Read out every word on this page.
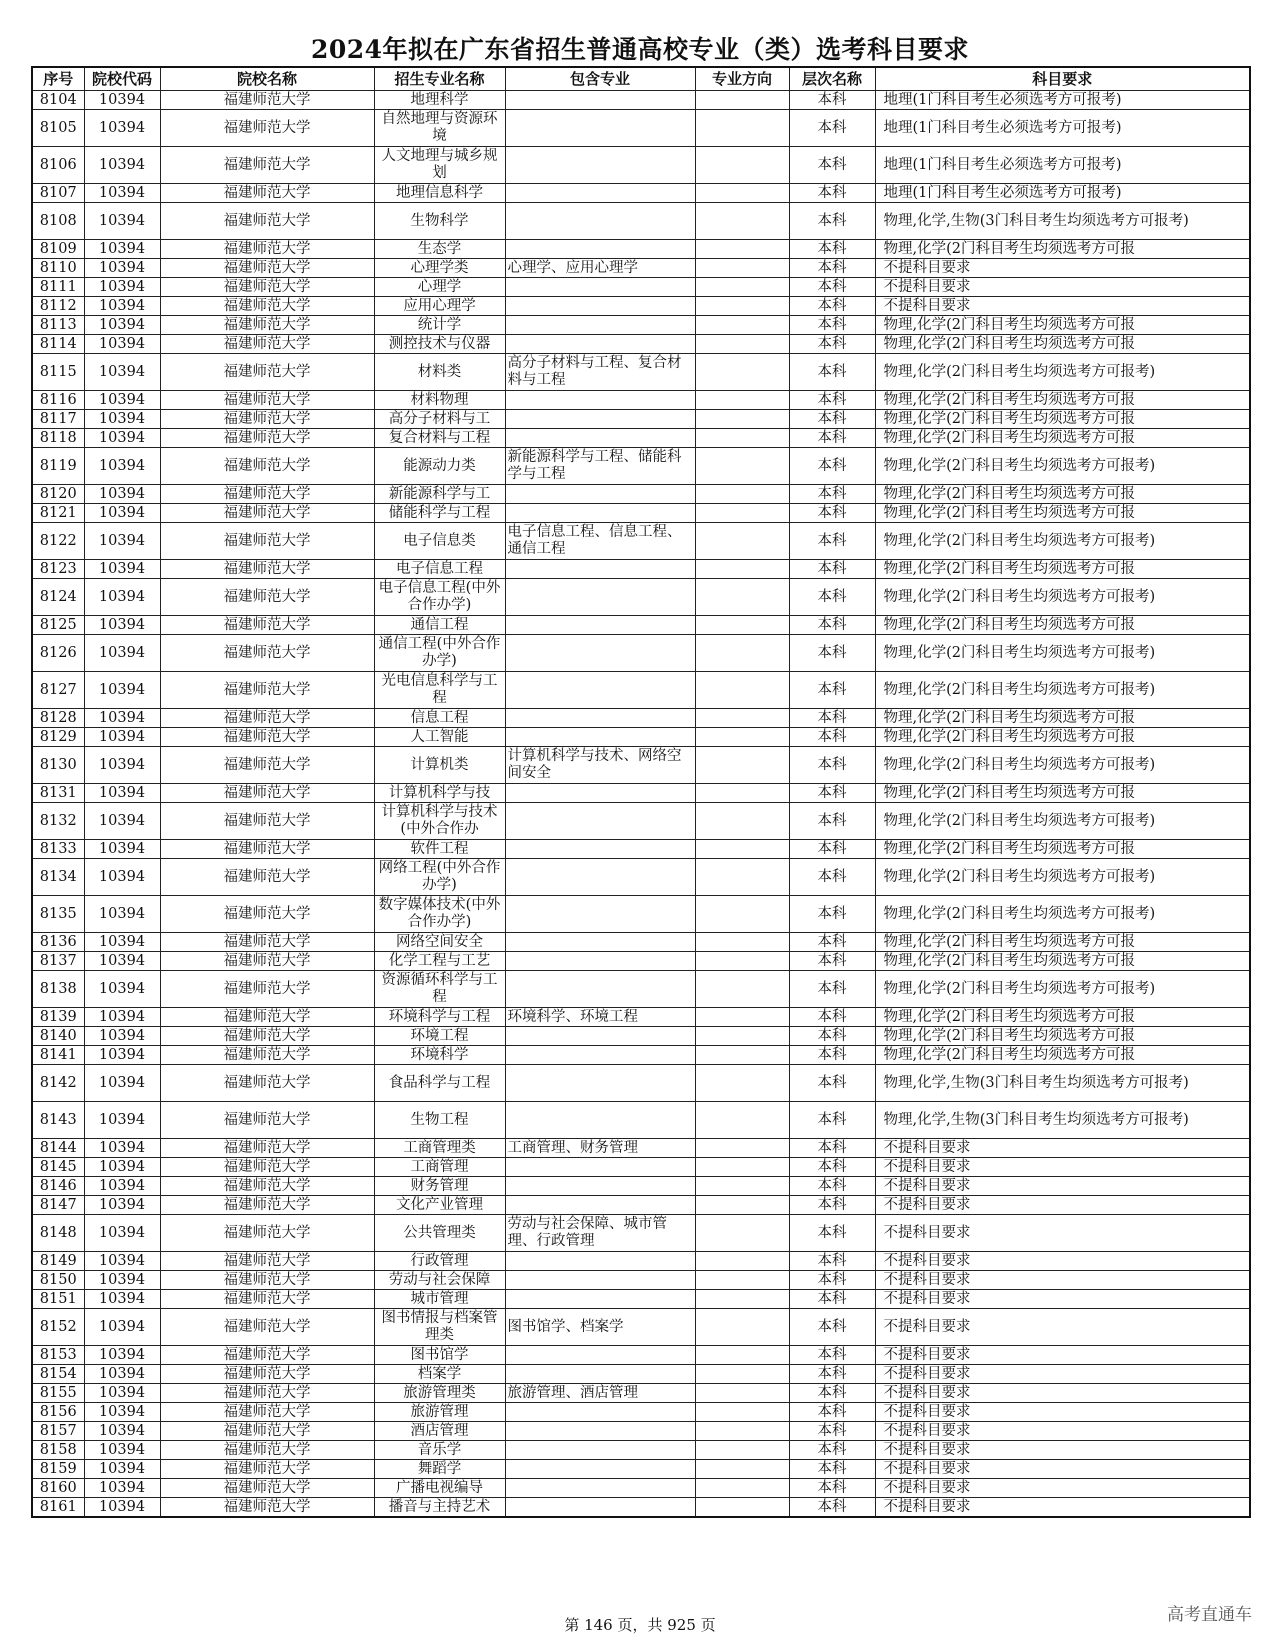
2024年拟在广东省招生普通高校专业（类）选考科目要求
序号	院校代码	院校名称	招生专业名称	包含专业	专业方向	层次名称	科目要求
8104	10394	福建师范大学	地理科学			本科	地理(1门科目考生必须选考方可报考)
8105	10394	福建师范大学	自然地理与资源环境			本科	地理(1门科目考生必须选考方可报考)
8106	10394	福建师范大学	人文地理与城乡规划			本科	地理(1门科目考生必须选考方可报考)
8107	10394	福建师范大学	地理信息科学			本科	地理(1门科目考生必须选考方可报考)
8108	10394	福建师范大学	生物科学			本科	物理,化学,生物(3门科目考生均须选考方可报考)
8109	10394	福建师范大学	生态学			本科	物理,化学(2门科目考生均须选考方可报
8110	10394	福建师范大学	心理学类	心理学、应用心理学		本科	不提科目要求
8111	10394	福建师范大学	心理学			本科	不提科目要求
8112	10394	福建师范大学	应用心理学			本科	不提科目要求
8113	10394	福建师范大学	统计学			本科	物理,化学(2门科目考生均须选考方可报
8114	10394	福建师范大学	测控技术与仪器			本科	物理,化学(2门科目考生均须选考方可报
8115	10394	福建师范大学	材料类	高分子材料与工程、复合材料与工程		本科	物理,化学(2门科目考生均须选考方可报考)
8116	10394	福建师范大学	材料物理			本科	物理,化学(2门科目考生均须选考方可报
8117	10394	福建师范大学	高分子材料与工			本科	物理,化学(2门科目考生均须选考方可报
8118	10394	福建师范大学	复合材料与工程			本科	物理,化学(2门科目考生均须选考方可报
8119	10394	福建师范大学	能源动力类	新能源科学与工程、储能科学与工程		本科	物理,化学(2门科目考生均须选考方可报考)
8120	10394	福建师范大学	新能源科学与工			本科	物理,化学(2门科目考生均须选考方可报
8121	10394	福建师范大学	储能科学与工程			本科	物理,化学(2门科目考生均须选考方可报
8122	10394	福建师范大学	电子信息类	电子信息工程、信息工程、通信工程		本科	物理,化学(2门科目考生均须选考方可报考)
8123	10394	福建师范大学	电子信息工程			本科	物理,化学(2门科目考生均须选考方可报
8124	10394	福建师范大学	电子信息工程(中外合作办学)			本科	物理,化学(2门科目考生均须选考方可报考)
8125	10394	福建师范大学	通信工程			本科	物理,化学(2门科目考生均须选考方可报
8126	10394	福建师范大学	通信工程(中外合作办学)			本科	物理,化学(2门科目考生均须选考方可报考)
8127	10394	福建师范大学	光电信息科学与工程			本科	物理,化学(2门科目考生均须选考方可报考)
8128	10394	福建师范大学	信息工程			本科	物理,化学(2门科目考生均须选考方可报
8129	10394	福建师范大学	人工智能			本科	物理,化学(2门科目考生均须选考方可报
8130	10394	福建师范大学	计算机类	计算机科学与技术、网络空间安全		本科	物理,化学(2门科目考生均须选考方可报考)
8131	10394	福建师范大学	计算机科学与技			本科	物理,化学(2门科目考生均须选考方可报
8132	10394	福建师范大学	计算机科学与技术(中外合作办			本科	物理,化学(2门科目考生均须选考方可报考)
8133	10394	福建师范大学	软件工程			本科	物理,化学(2门科目考生均须选考方可报
8134	10394	福建师范大学	网络工程(中外合作办学)			本科	物理,化学(2门科目考生均须选考方可报考)
8135	10394	福建师范大学	数字媒体技术(中外合作办学)			本科	物理,化学(2门科目考生均须选考方可报考)
8136	10394	福建师范大学	网络空间安全			本科	物理,化学(2门科目考生均须选考方可报
8137	10394	福建师范大学	化学工程与工艺			本科	物理,化学(2门科目考生均须选考方可报
8138	10394	福建师范大学	资源循环科学与工程			本科	物理,化学(2门科目考生均须选考方可报考)
8139	10394	福建师范大学	环境科学与工程	环境科学、环境工程		本科	物理,化学(2门科目考生均须选考方可报
8140	10394	福建师范大学	环境工程			本科	物理,化学(2门科目考生均须选考方可报
8141	10394	福建师范大学	环境科学			本科	物理,化学(2门科目考生均须选考方可报
8142	10394	福建师范大学	食品科学与工程			本科	物理,化学,生物(3门科目考生均须选考方可报考)
8143	10394	福建师范大学	生物工程			本科	物理,化学,生物(3门科目考生均须选考方可报考)
8144	10394	福建师范大学	工商管理类	工商管理、财务管理		本科	不提科目要求
8145	10394	福建师范大学	工商管理			本科	不提科目要求
8146	10394	福建师范大学	财务管理			本科	不提科目要求
8147	10394	福建师范大学	文化产业管理			本科	不提科目要求
8148	10394	福建师范大学	公共管理类	劳动与社会保障、城市管理、行政管理		本科	不提科目要求
8149	10394	福建师范大学	行政管理			本科	不提科目要求
8150	10394	福建师范大学	劳动与社会保障			本科	不提科目要求
8151	10394	福建师范大学	城市管理			本科	不提科目要求
8152	10394	福建师范大学	图书情报与档案管理类	图书馆学、档案学		本科	不提科目要求
8153	10394	福建师范大学	图书馆学			本科	不提科目要求
8154	10394	福建师范大学	档案学			本科	不提科目要求
8155	10394	福建师范大学	旅游管理类	旅游管理、酒店管理		本科	不提科目要求
8156	10394	福建师范大学	旅游管理			本科	不提科目要求
8157	10394	福建师范大学	酒店管理			本科	不提科目要求
8158	10394	福建师范大学	音乐学			本科	不提科目要求
8159	10394	福建师范大学	舞蹈学			本科	不提科目要求
8160	10394	福建师范大学	广播电视编导			本科	不提科目要求
8161	10394	福建师范大学	播音与主持艺术			本科	不提科目要求
第 146 页，共 925 页	高考直通车
